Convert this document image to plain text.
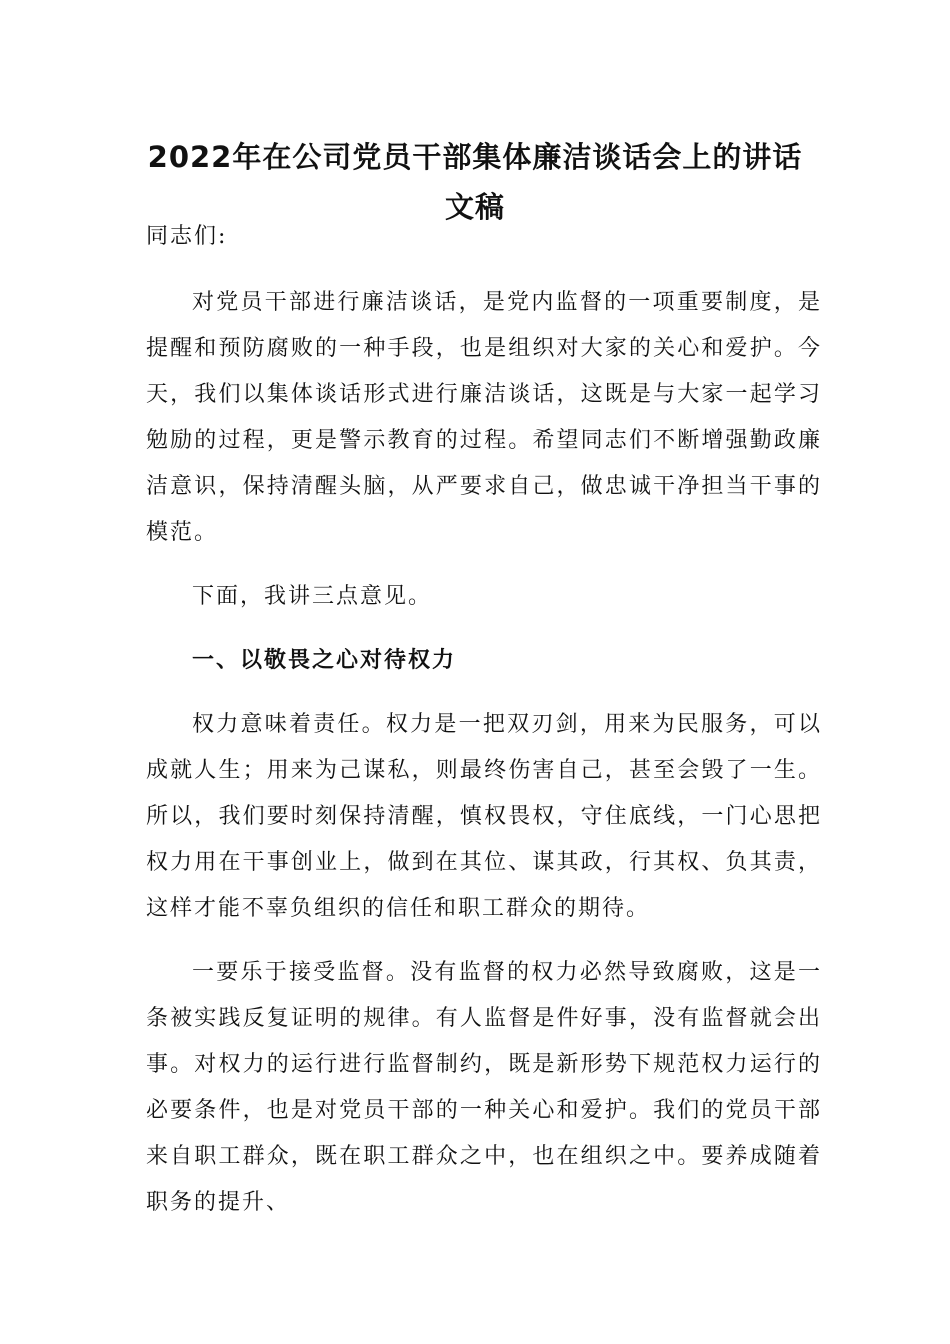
2022年在公司党员干部集体廉洁谈话会上的讲话文稿

同志们:

对党员干部进行廉洁谈话，是党内监督的一项重要制度，是提醒和预防腐败的一种手段，也是组织对大家的关心和爱护。今天，我们以集体谈话形式进行廉洁谈话，这既是与大家一起学习勉励的过程，更是警示教育的过程。希望同志们不断增强勤政廉洁意识，保持清醒头脑，从严要求自己，做忠诚干净担当干事的模范。

下面，我讲三点意见。

一、以敬畏之心对待权力

权力意味着责任。权力是一把双刃剑，用来为民服务，可以成就人生；用来为己谋私，则最终伤害自己，甚至会毁了一生。所以，我们要时刻保持清醒，慎权畏权，守住底线，一门心思把权力用在干事创业上，做到在其位、谋其政，行其权、负其责，这样才能不辜负组织的信任和职工群众的期待。

一要乐于接受监督。没有监督的权力必然导致腐败，这是一条被实践反复证明的规律。有人监督是件好事，没有监督就会出事。对权力的运行进行监督制约，既是新形势下规范权力运行的必要条件，也是对党员干部的一种关心和爱护。我们的党员干部来自职工群众，既在职工群众之中，也在组织之中。要养成随着职务的提升、
